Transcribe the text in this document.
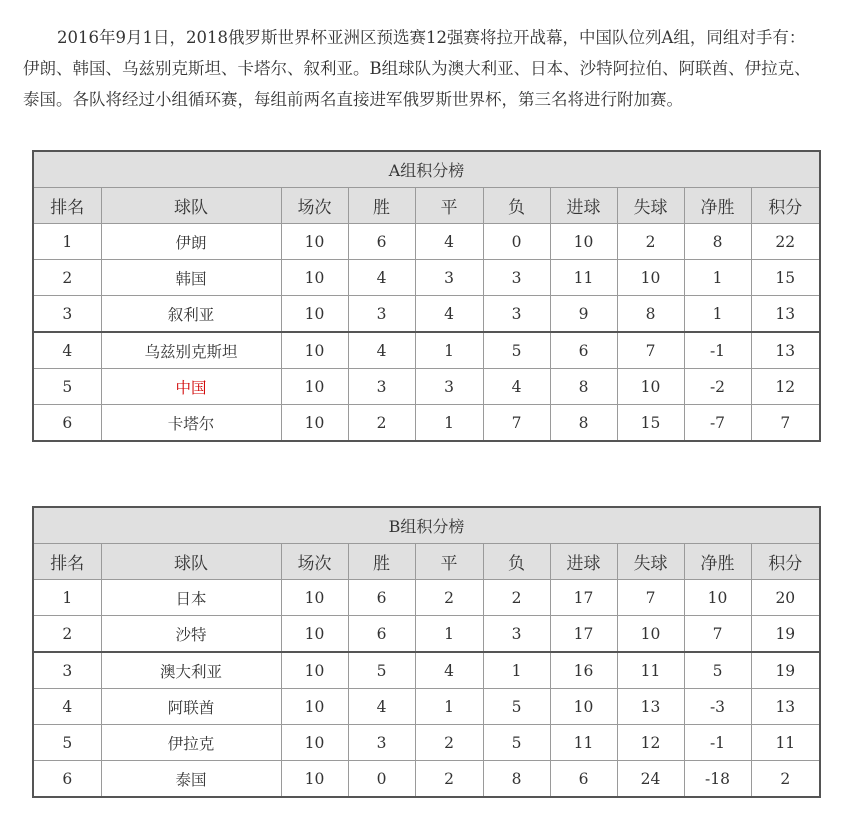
2016年9月1日，2018俄罗斯世界杯亚洲区预选赛12强赛将拉开战幕，中国队位列A组，同组对手有：伊朗、韩国、乌兹别克斯坦、卡塔尔、叙利亚。B组球队为澳大利亚、日本、沙特阿拉伯、阿联酋、伊拉克、泰国。各队将经过小组循环赛，每组前两名直接进军俄罗斯世界杯，第三名将进行附加赛。

A组积分榜									
排名	球队	场次	胜	平	负	进球	失球	净胜	积分
1	伊朗	10	6	4	0	10	2	8	22
2	韩国	10	4	3	3	11	10	1	15
3	叙利亚	10	3	4	3	9	8	1	13
4	乌兹别克斯坦	10	4	1	5	6	7	-1	13
5	中国	10	3	3	4	8	10	-2	12
6	卡塔尔	10	2	1	7	8	15	-7	7
B组积分榜									
排名	球队	场次	胜	平	负	进球	失球	净胜	积分
1	日本	10	6	2	2	17	7	10	20
2	沙特	10	6	1	3	17	10	7	19
3	澳大利亚	10	5	4	1	16	11	5	19
4	阿联酋	10	4	1	5	10	13	-3	13
5	伊拉克	10	3	2	5	11	12	-1	11
6	泰国	10	0	2	8	6	24	-18	2
